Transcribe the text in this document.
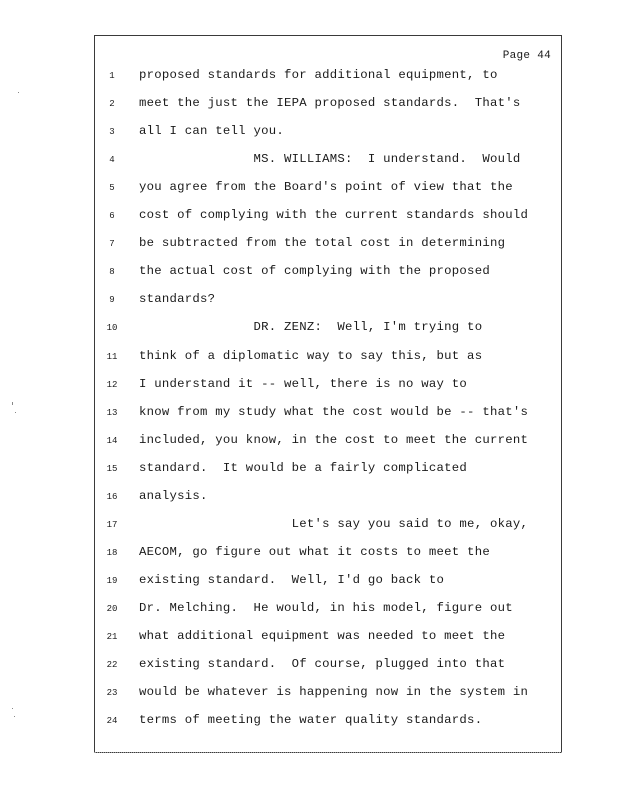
Page 44
1	proposed standards for additional equipment, to
2	meet the just the IEPA proposed standards.  That's
3	all I can tell you.
4	MS. WILLIAMS:  I understand.  Would
5	you agree from the Board's point of view that the
6	cost of complying with the current standards should
7	be subtracted from the total cost in determining
8	the actual cost of complying with the proposed
9	standards?
10 DR. ZENZ:  Well, I'm trying to
11 think of a diplomatic way to say this, but as
12 I understand it -- well, there is no way to
13 know from my study what the cost would be -- that's
14 included, you know, in the cost to meet the current
15 standard.  It would be a fairly complicated
16 analysis.
17 Let's say you said to me, okay,
18 AECOM, go figure out what it costs to meet the
19 existing standard.  Well, I'd go back to
20 Dr. Melching.  He would, in his model, figure out
21 what additional equipment was needed to meet the
22 existing standard.  Of course, plugged into that
23 would be whatever is happening now in the system in
24 terms of meeting the water quality standards.
